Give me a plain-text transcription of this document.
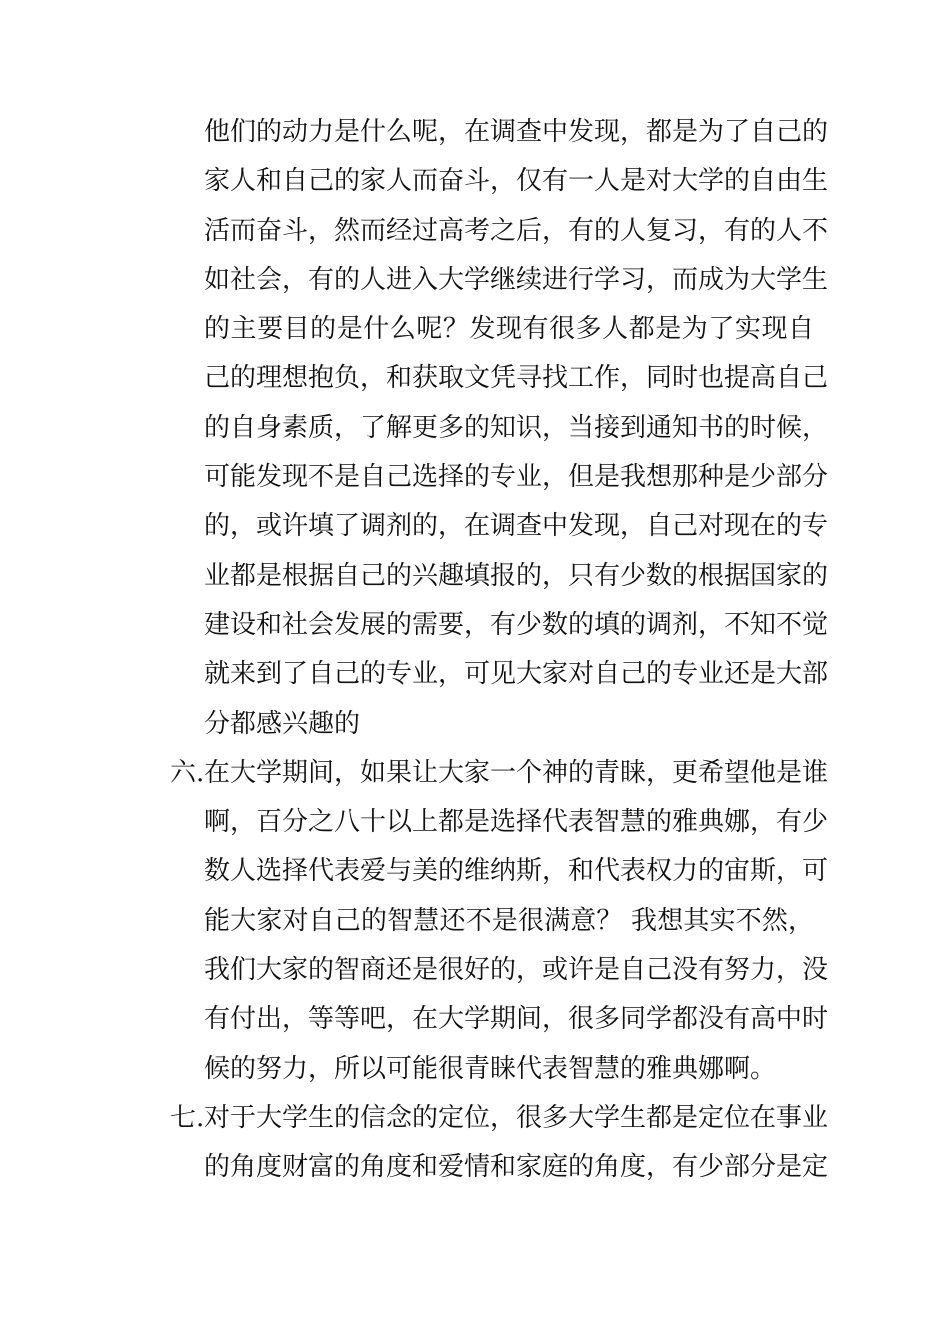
他们的动力是什么呢，在调查中发现，都是为了自己的
家人和自己的家人而奋斗，仅有一人是对大学的自由生
活而奋斗，然而经过高考之后，有的人复习，有的人不
如社会，有的人进入大学继续进行学习，而成为大学生
的主要目的是什么呢？发现有很多人都是为了实现自
己的理想抱负，和获取文凭寻找工作，同时也提高自己
的自身素质，了解更多的知识，当接到通知书的时候，
可能发现不是自己选择的专业，但是我想那种是少部分
的，或许填了调剂的，在调查中发现，自己对现在的专
业都是根据自己的兴趣填报的，只有少数的根据国家的
建设和社会发展的需要，有少数的填的调剂，不知不觉
就来到了自己的专业，可见大家对自己的专业还是大部
分都感兴趣的
六. 在大学期间，如果让大家一个神的青睐，更希望他是谁
啊，百分之八十以上都是选择代表智慧的雅典娜，有少
数人选择代表爱与美的维纳斯，和代表权力的宙斯，可
能大家对自己的智慧还不是很满意？ 我想其实不然，
我们大家的智商还是很好的，或许是自己没有努力，没
有付出，等等吧，在大学期间，很多同学都没有高中时
候的努力，所以可能很青睐代表智慧的雅典娜啊。
七. 对于大学生的信念的定位，很多大学生都是定位在事业
的角度财富的角度和爱情和家庭的角度，有少部分是定
